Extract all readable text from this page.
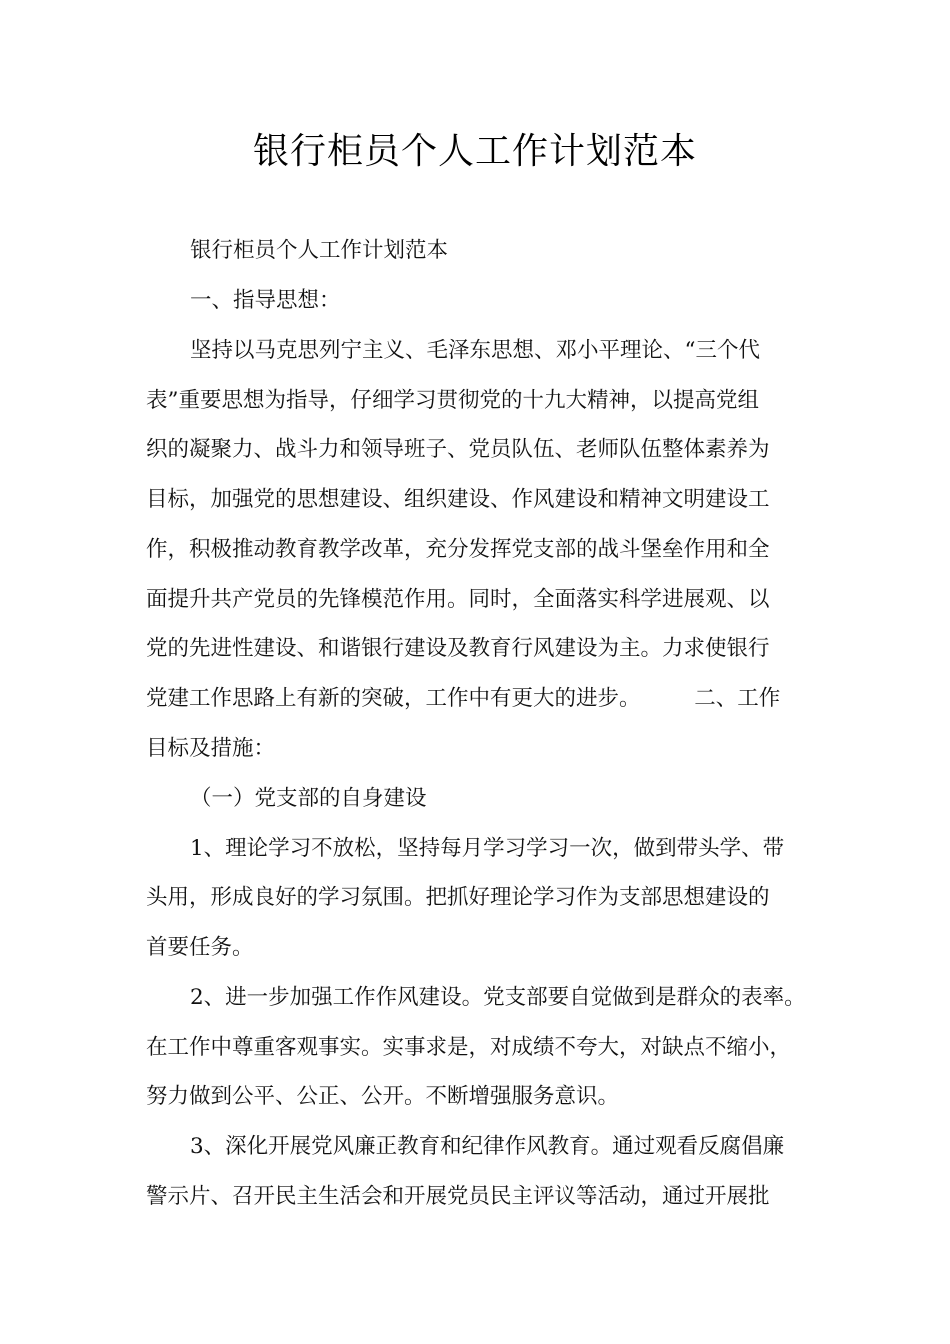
银行柜员个人工作计划范本
银行柜员个人工作计划范本
一、指导思想：
坚持以马克思列宁主义、毛泽东思想、邓小平理论、“三个代
表”重要思想为指导，仔细学习贯彻党的十九大精神，以提高党组
织的凝聚力、战斗力和领导班子、党员队伍、老师队伍整体素养为
目标，加强党的思想建设、组织建设、作风建设和精神文明建设工
作，积极推动教育教学改革，充分发挥党支部的战斗堡垒作用和全
面提升共产党员的先锋模范作用。同时，全面落实科学进展观、以
党的先进性建设、和谐银行建设及教育行风建设为主。力求使银行
党建工作思路上有新的突破，工作中有更大的进步。　　　二、工作
目标及措施：
（一）党支部的自身建设
1、理论学习不放松，坚持每月学习学习一次，做到带头学、带
头用，形成良好的学习氛围。把抓好理论学习作为支部思想建设的
首要任务。
2、进一步加强工作作风建设。党支部要自觉做到是群众的表率。
在工作中尊重客观事实。实事求是，对成绩不夸大，对缺点不缩小，
努力做到公平、公正、公开。不断增强服务意识。
3、深化开展党风廉正教育和纪律作风教育。通过观看反腐倡廉
警示片、召开民主生活会和开展党员民主评议等活动，通过开展批
